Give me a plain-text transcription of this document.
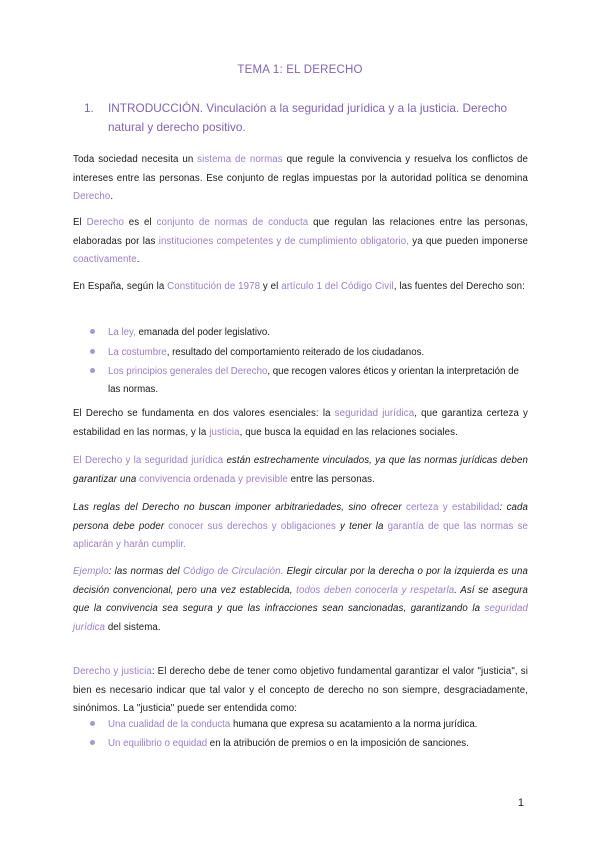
TEMA 1: EL DERECHO
1. INTRODUCCIÓN. Vinculación a la seguridad jurídica y a la justicia. Derecho natural y derecho positivo.
Toda sociedad necesita un sistema de normas que regule la convivencia y resuelva los conflictos de intereses entre las personas. Ese conjunto de reglas impuestas por la autoridad política se denomina Derecho.
El Derecho es el conjunto de normas de conducta que regulan las relaciones entre las personas, elaboradas por las instituciones competentes y de cumplimiento obligatorio, ya que pueden imponerse coactivamente.
En España, según la Constitución de 1978 y el artículo 1 del Código Civil, las fuentes del Derecho son:
La ley, emanada del poder legislativo.
La costumbre, resultado del comportamiento reiterado de los ciudadanos.
Los principios generales del Derecho, que recogen valores éticos y orientan la interpretación de las normas.
El Derecho se fundamenta en dos valores esenciales: la seguridad jurídica, que garantiza certeza y estabilidad en las normas, y la justicia, que busca la equidad en las relaciones sociales.
El Derecho y la seguridad jurídica están estrechamente vinculados, ya que las normas jurídicas deben garantizar una convivencia ordenada y previsible entre las personas.
Las reglas del Derecho no buscan imponer arbitrariedades, sino ofrecer certeza y estabilidad: cada persona debe poder conocer sus derechos y obligaciones y tener la garantía de que las normas se aplicarán y harán cumplir.
Ejemplo: las normas del Código de Circulación. Elegir circular por la derecha o por la izquierda es una decisión convencional, pero una vez establecida, todos deben conocerla y respetarla. Así se asegura que la convivencia sea segura y que las infracciones sean sancionadas, garantizando la seguridad jurídica del sistema.
Derecho y justicia: El derecho debe de tener como objetivo fundamental garantizar el valor "justicia", si bien es necesario indicar que tal valor y el concepto de derecho no son siempre, desgraciadamente, sinónimos. La "justicia" puede ser entendida como:
Una cualidad de la conducta humana que expresa su acatamiento a la norma jurídica.
Un equilibrio o equidad en la atribución de premios o en la imposición de sanciones.
1
